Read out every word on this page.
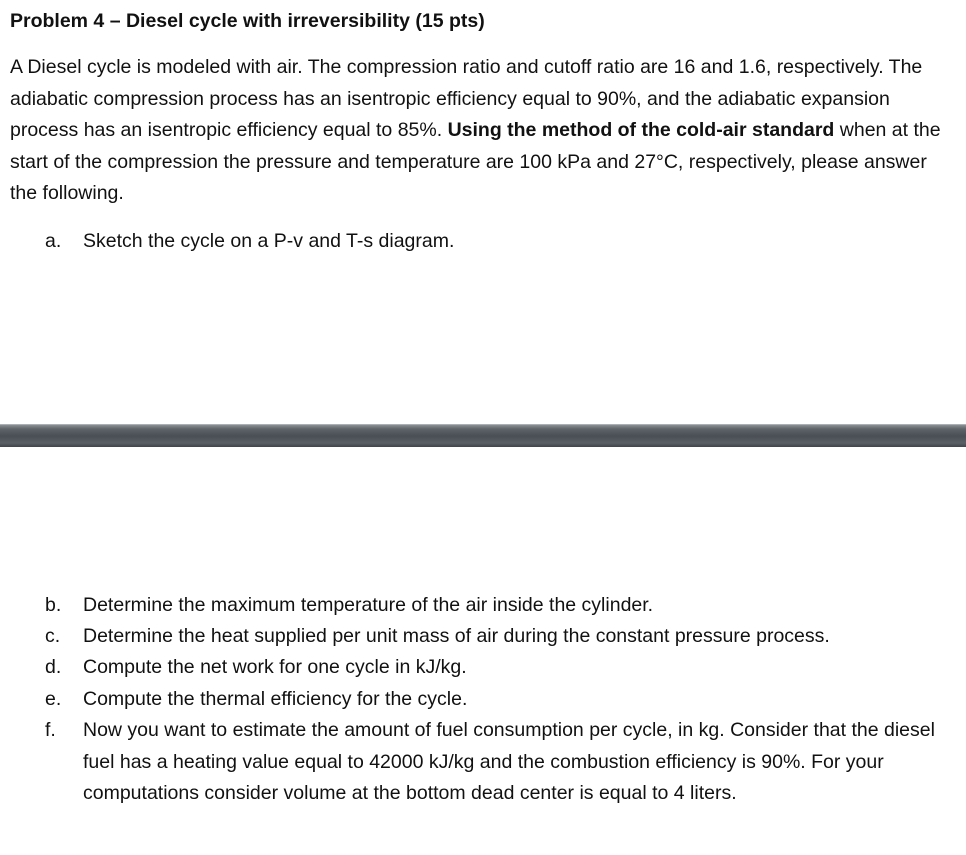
Problem 4 – Diesel cycle with irreversibility (15 pts)
A Diesel cycle is modeled with air. The compression ratio and cutoff ratio are 16 and 1.6, respectively. The adiabatic compression process has an isentropic efficiency equal to 90%, and the adiabatic expansion process has an isentropic efficiency equal to 85%. Using the method of the cold-air standard when at the start of the compression the pressure and temperature are 100 kPa and 27°C, respectively, please answer the following.
a.	Sketch the cycle on a P-v and T-s diagram.
b.	Determine the maximum temperature of the air inside the cylinder.
c.	Determine the heat supplied per unit mass of air during the constant pressure process.
d.	Compute the net work for one cycle in kJ/kg.
e.	Compute the thermal efficiency for the cycle.
f.	Now you want to estimate the amount of fuel consumption per cycle, in kg. Consider that the diesel fuel has a heating value equal to 42000 kJ/kg and the combustion efficiency is 90%. For your computations consider volume at the bottom dead center is equal to 4 liters.
